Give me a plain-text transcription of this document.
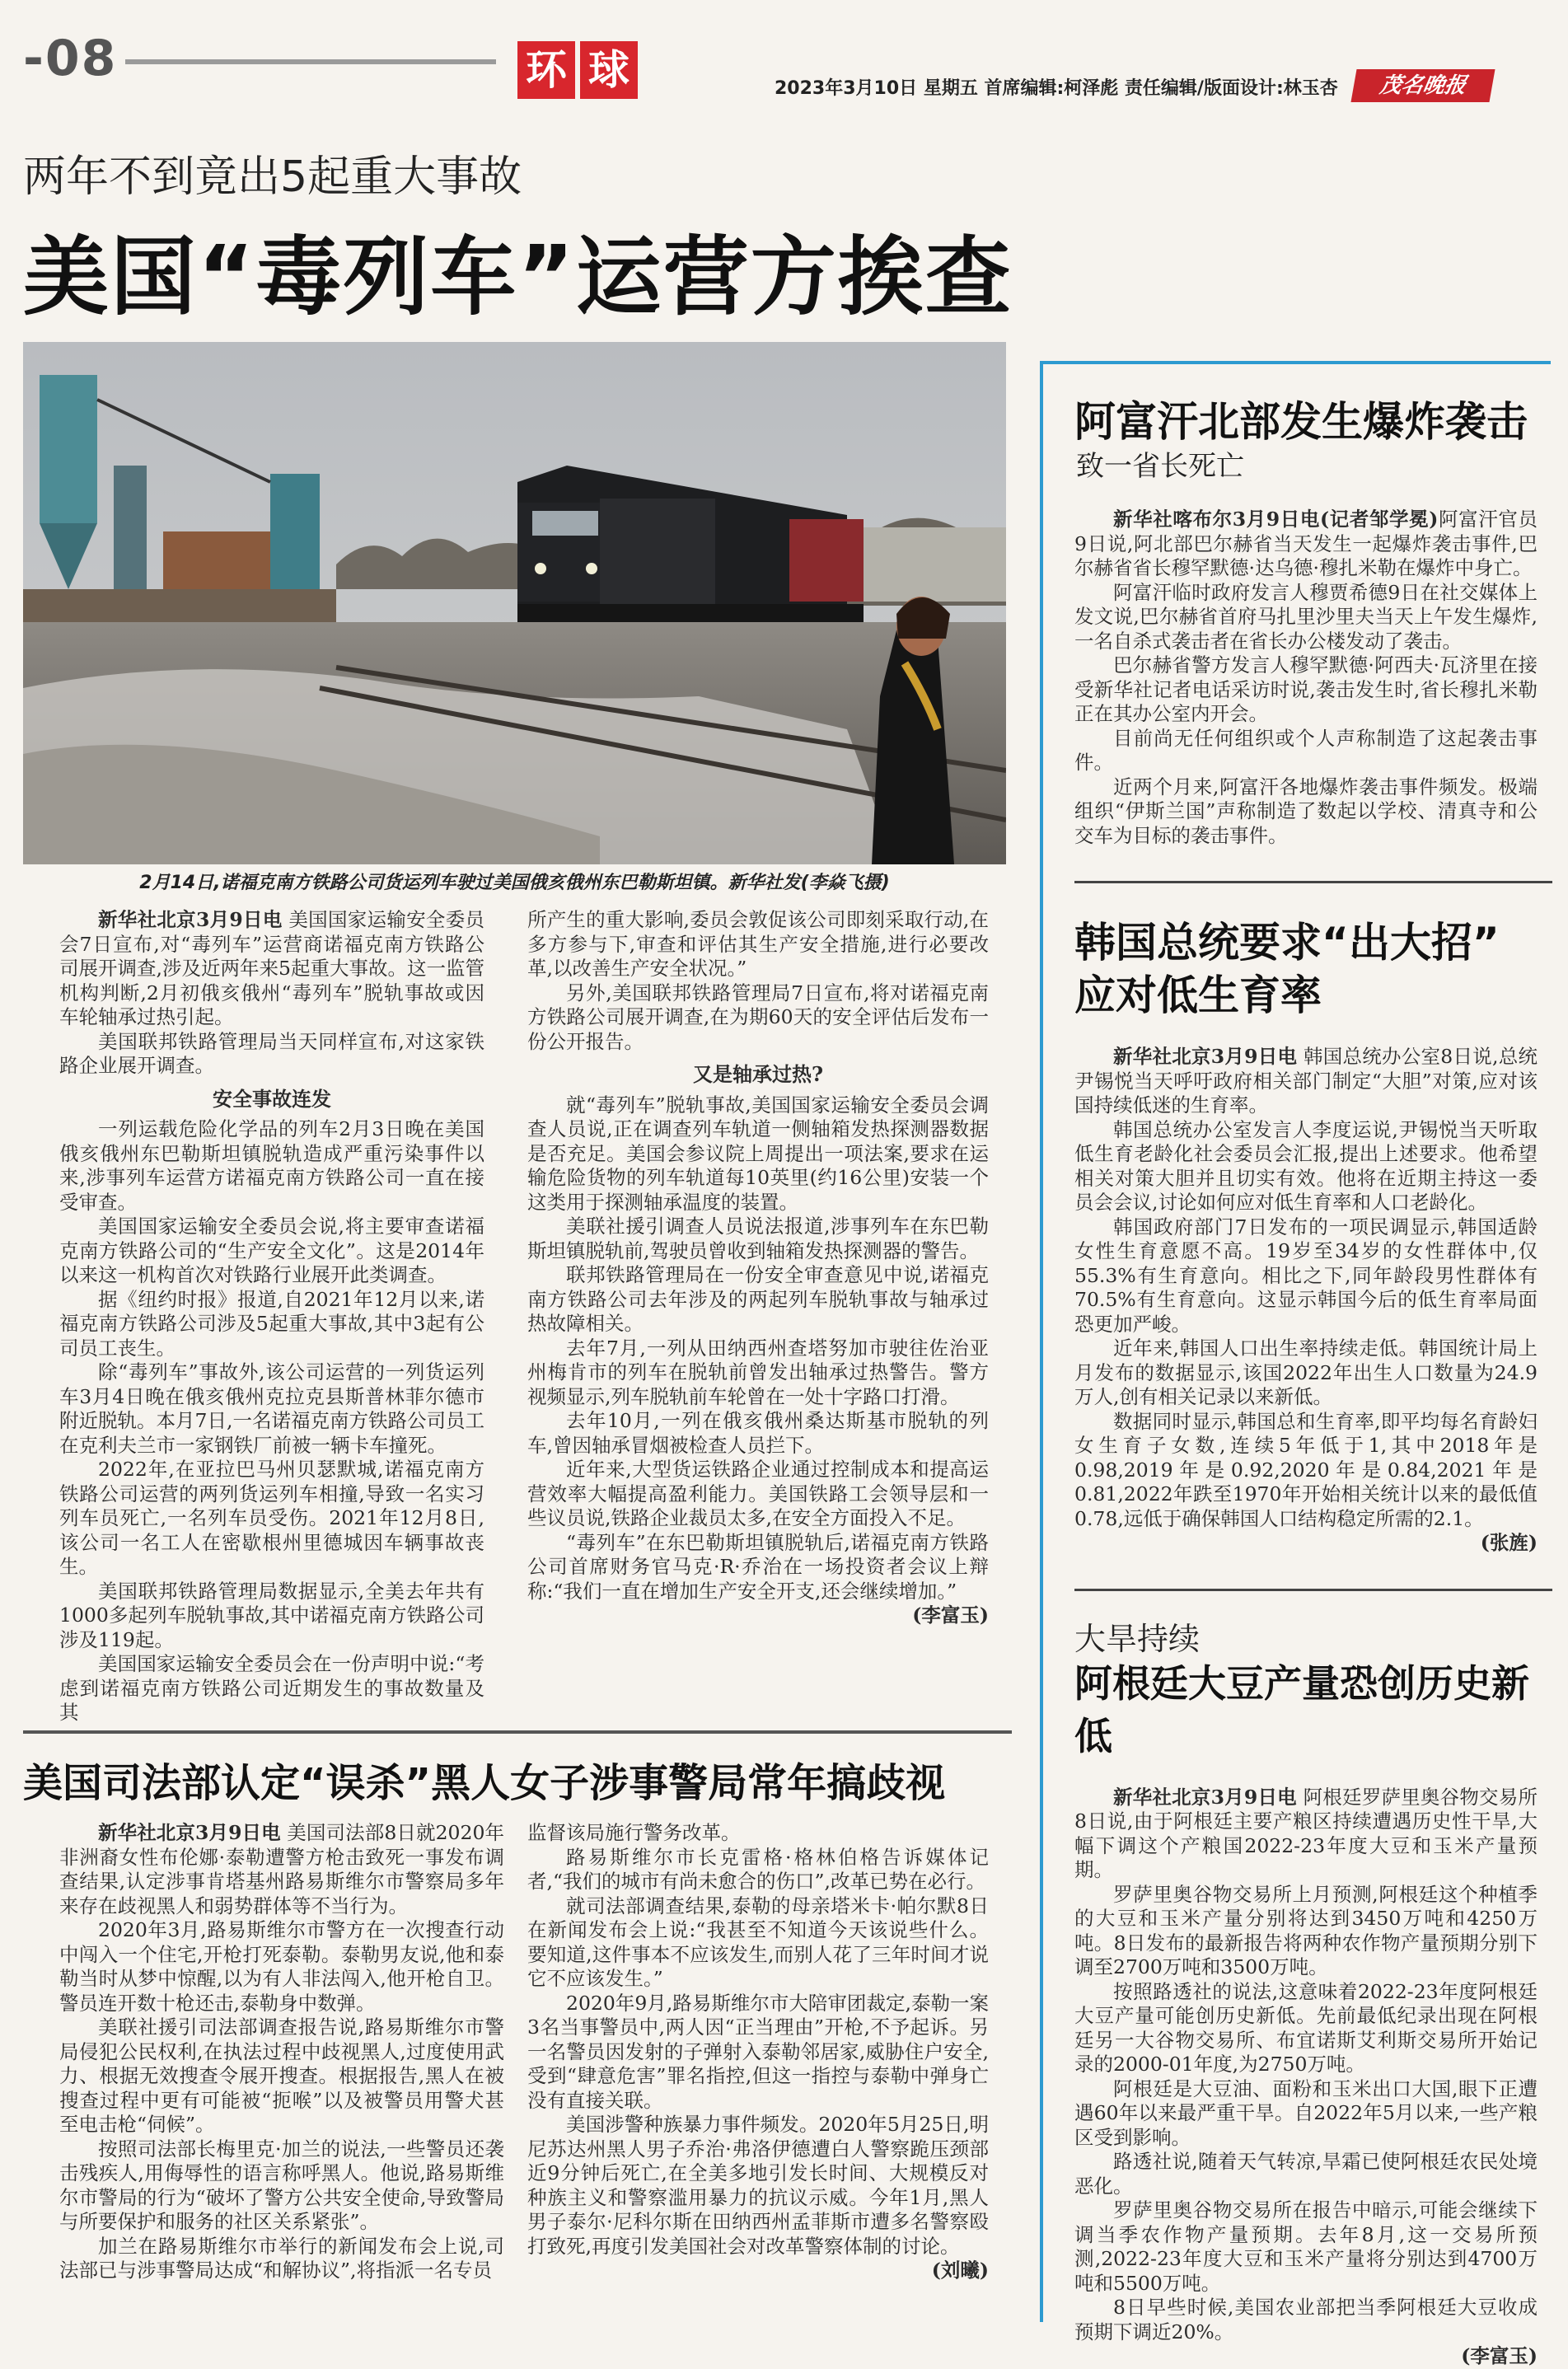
-08	环 球	2023年3月10日 星期五 首席编辑:柯泽彪 责任编辑/版面设计:林玉杏	茂名晚报
两年不到竟出5起重大事故
美国“毒列车”运营方挨查
2月14日,诺福克南方铁路公司货运列车驶过美国俄亥俄州东巴勒斯坦镇。新华社发(李焱飞摄)

新华社北京3月9日电 美国国家运输安全委员会7日宣布,对“毒列车”运营商诺福克南方铁路公司展开调查,涉及近两年来5起重大事故。这一监管机构判断,2月初俄亥俄州“毒列车”脱轨事故或因车轮轴承过热引起。

美国联邦铁路管理局当天同样宣布,对这家铁路企业展开调查。

安全事故连发

一列运载危险化学品的列车2月3日晚在美国俄亥俄州东巴勒斯坦镇脱轨造成严重污染事件以来,涉事列车运营方诺福克南方铁路公司一直在接受审查。

美国国家运输安全委员会说,将主要审查诺福克南方铁路公司的“生产安全文化”。这是2014年以来这一机构首次对铁路行业展开此类调查。

据《纽约时报》报道,自2021年12月以来,诺福克南方铁路公司涉及5起重大事故,其中3起有公司员工丧生。

除“毒列车”事故外,该公司运营的一列货运列车3月4日晚在俄亥俄州克拉克县斯普林菲尔德市附近脱轨。本月7日,一名诺福克南方铁路公司员工在克利夫兰市一家钢铁厂前被一辆卡车撞死。

2022年,在亚拉巴马州贝瑟默城,诺福克南方铁路公司运营的两列货运列车相撞,导致一名实习列车员死亡,一名列车员受伤。2021年12月8日,该公司一名工人在密歇根州里德城因车辆事故丧生。

美国联邦铁路管理局数据显示,全美去年共有1000多起列车脱轨事故,其中诺福克南方铁路公司涉及119起。

美国国家运输安全委员会在一份声明中说:“考虑到诺福克南方铁路公司近期发生的事故数量及其

所产生的重大影响,委员会敦促该公司即刻采取行动,在多方参与下,审查和评估其生产安全措施,进行必要改革,以改善生产安全状况。”

另外,美国联邦铁路管理局7日宣布,将对诺福克南方铁路公司展开调查,在为期60天的安全评估后发布一份公开报告。

又是轴承过热?

就“毒列车”脱轨事故,美国国家运输安全委员会调查人员说,正在调查列车轨道一侧轴箱发热探测器数据是否充足。美国会参议院上周提出一项法案,要求在运输危险货物的列车轨道每10英里(约16公里)安装一个这类用于探测轴承温度的装置。

美联社援引调查人员说法报道,涉事列车在东巴勒斯坦镇脱轨前,驾驶员曾收到轴箱发热探测器的警告。

联邦铁路管理局在一份安全审查意见中说,诺福克南方铁路公司去年涉及的两起列车脱轨事故与轴承过热故障相关。

去年7月,一列从田纳西州查塔努加市驶往佐治亚州梅肯市的列车在脱轨前曾发出轴承过热警告。警方视频显示,列车脱轨前车轮曾在一处十字路口打滑。

去年10月,一列在俄亥俄州桑达斯基市脱轨的列车,曾因轴承冒烟被检查人员拦下。

近年来,大型货运铁路企业通过控制成本和提高运营效率大幅提高盈利能力。美国铁路工会领导层和一些议员说,铁路企业裁员太多,在安全方面投入不足。

“毒列车”在东巴勒斯坦镇脱轨后,诺福克南方铁路公司首席财务官马克·R·乔治在一场投资者会议上辩称:“我们一直在增加生产安全开支,还会继续增加。”

(李富玉)

美国司法部认定“误杀”黑人女子涉事警局常年搞歧视

新华社北京3月9日电 美国司法部8日就2020年非洲裔女性布伦娜·泰勒遭警方枪击致死一事发布调查结果,认定涉事肯塔基州路易斯维尔市警察局多年来存在歧视黑人和弱势群体等不当行为。

2020年3月,路易斯维尔市警方在一次搜查行动中闯入一个住宅,开枪打死泰勒。泰勒男友说,他和泰勒当时从梦中惊醒,以为有人非法闯入,他开枪自卫。警员连开数十枪还击,泰勒身中数弹。

美联社援引司法部调查报告说,路易斯维尔市警局侵犯公民权利,在执法过程中歧视黑人,过度使用武力、根据无效搜查令展开搜查。根据报告,黑人在被搜查过程中更有可能被“扼喉”以及被警员用警犬甚至电击枪“伺候”。

按照司法部长梅里克·加兰的说法,一些警员还袭击残疾人,用侮辱性的语言称呼黑人。他说,路易斯维尔市警局的行为“破坏了警方公共安全使命,导致警局与所要保护和服务的社区关系紧张”。

加兰在路易斯维尔市举行的新闻发布会上说,司法部已与涉事警局达成“和解协议”,将指派一名专员

监督该局施行警务改革。

路易斯维尔市长克雷格·格林伯格告诉媒体记者,“我们的城市有尚未愈合的伤口”,改革已势在必行。

就司法部调查结果,泰勒的母亲塔米卡·帕尔默8日在新闻发布会上说:“我甚至不知道今天该说些什么。要知道,这件事本不应该发生,而别人花了三年时间才说它不应该发生。”

2020年9月,路易斯维尔市大陪审团裁定,泰勒一案3名当事警员中,两人因“正当理由”开枪,不予起诉。另一名警员因发射的子弹射入泰勒邻居家,威胁住户安全,受到“肆意危害”罪名指控,但这一指控与泰勒中弹身亡没有直接关联。

美国涉警种族暴力事件频发。2020年5月25日,明尼苏达州黑人男子乔治·弗洛伊德遭白人警察跪压颈部近9分钟后死亡,在全美多地引发长时间、大规模反对种族主义和警察滥用暴力的抗议示威。今年1月,黑人男子泰尔·尼科尔斯在田纳西州孟菲斯市遭多名警察殴打致死,再度引发美国社会对改革警察体制的讨论。

(刘曦)

阿富汗北部发生爆炸袭击
致一省长死亡

新华社喀布尔3月9日电(记者邹学冕)阿富汗官员9日说,阿北部巴尔赫省当天发生一起爆炸袭击事件,巴尔赫省省长穆罕默德·达乌德·穆扎米勒在爆炸中身亡。

阿富汗临时政府发言人穆贾希德9日在社交媒体上发文说,巴尔赫省首府马扎里沙里夫当天上午发生爆炸,一名自杀式袭击者在省长办公楼发动了袭击。

巴尔赫省警方发言人穆罕默德·阿西夫·瓦济里在接受新华社记者电话采访时说,袭击发生时,省长穆扎米勒正在其办公室内开会。

目前尚无任何组织或个人声称制造了这起袭击事件。

近两个月来,阿富汗各地爆炸袭击事件频发。极端组织“伊斯兰国”声称制造了数起以学校、清真寺和公交车为目标的袭击事件。

韩国总统要求“出大招”
应对低生育率

新华社北京3月9日电 韩国总统办公室8日说,总统尹锡悦当天呼吁政府相关部门制定“大胆”对策,应对该国持续低迷的生育率。

韩国总统办公室发言人李度运说,尹锡悦当天听取低生育老龄化社会委员会汇报,提出上述要求。他希望相关对策大胆并且切实有效。他将在近期主持这一委员会会议,讨论如何应对低生育率和人口老龄化。

韩国政府部门7日发布的一项民调显示,韩国适龄女性生育意愿不高。19岁至34岁的女性群体中,仅55.3%有生育意向。相比之下,同年龄段男性群体有70.5%有生育意向。这显示韩国今后的低生育率局面恐更加严峻。

近年来,韩国人口出生率持续走低。韩国统计局上月发布的数据显示,该国2022年出生人口数量为24.9万人,创有相关记录以来新低。

数据同时显示,韩国总和生育率,即平均每名育龄妇女生育子女数,连续5年低于1,其中2018年是0.98,2019年是0.92,2020年是0.84,2021年是0.81,2022年跌至1970年开始相关统计以来的最低值0.78,远低于确保韩国人口结构稳定所需的2.1。

(张旌)

大旱持续
阿根廷大豆产量恐创历史新低

新华社北京3月9日电 阿根廷罗萨里奥谷物交易所8日说,由于阿根廷主要产粮区持续遭遇历史性干旱,大幅下调这个产粮国2022-23年度大豆和玉米产量预期。

罗萨里奥谷物交易所上月预测,阿根廷这个种植季的大豆和玉米产量分别将达到3450万吨和4250万吨。8日发布的最新报告将两种农作物产量预期分别下调至2700万吨和3500万吨。

按照路透社的说法,这意味着2022-23年度阿根廷大豆产量可能创历史新低。先前最低纪录出现在阿根廷另一大谷物交易所、布宜诺斯艾利斯交易所开始记录的2000-01年度,为2750万吨。

阿根廷是大豆油、面粉和玉米出口大国,眼下正遭遇60年以来最严重干旱。自2022年5月以来,一些产粮区受到影响。

路透社说,随着天气转凉,旱霜已使阿根廷农民处境恶化。

罗萨里奥谷物交易所在报告中暗示,可能会继续下调当季农作物产量预期。去年8月,这一交易所预测,2022-23年度大豆和玉米产量将分别达到4700万吨和5500万吨。

8日早些时候,美国农业部把当季阿根廷大豆收成预期下调近20%。

(李富玉)
